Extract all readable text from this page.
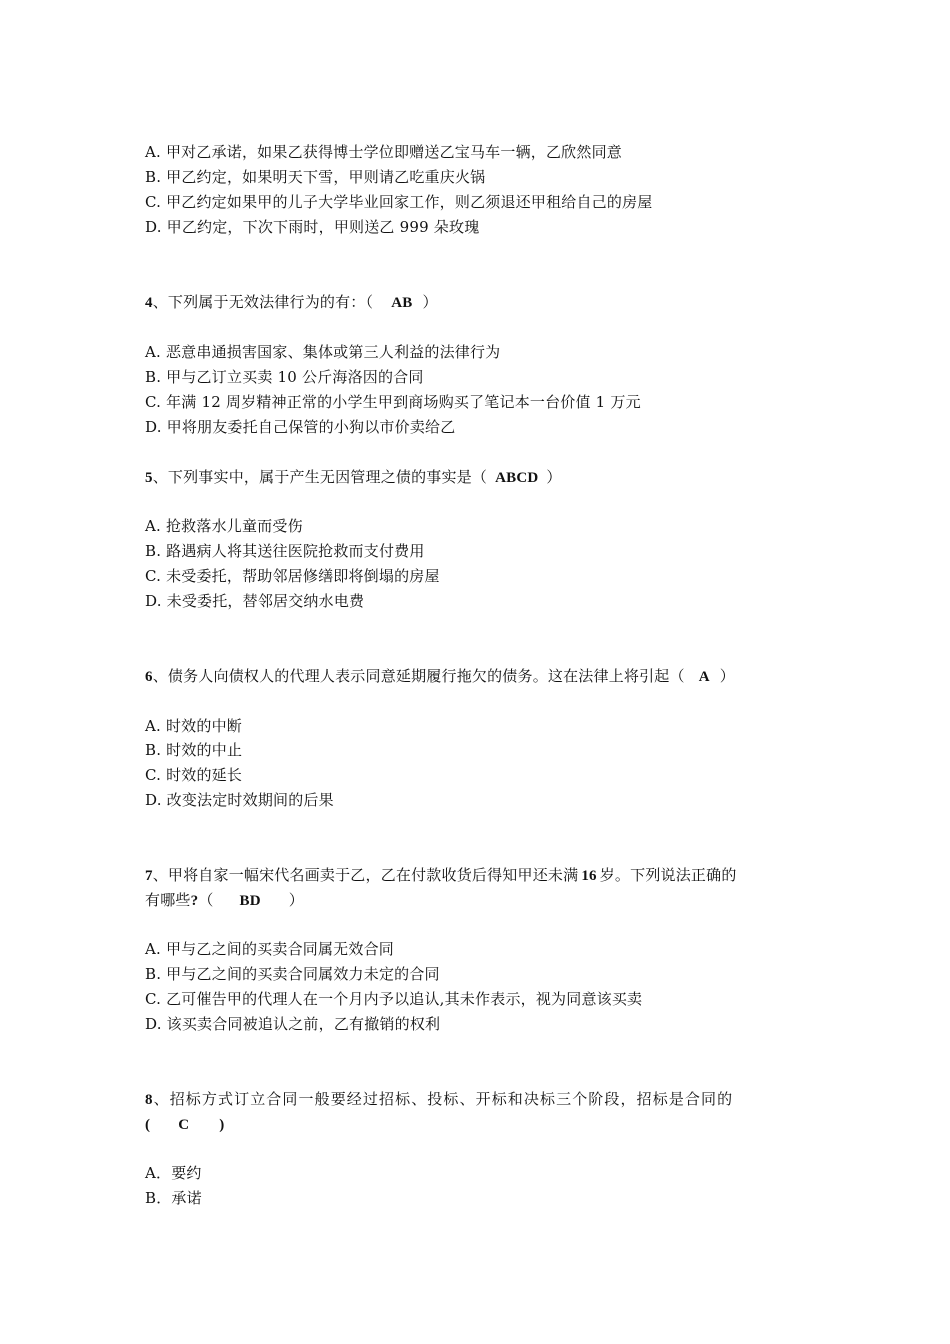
A. 甲对乙承诺，如果乙获得博士学位即赠送乙宝马车一辆，乙欣然同意
B. 甲乙约定，如果明天下雪，甲则请乙吃重庆火锅
C. 甲乙约定如果甲的儿子大学毕业回家工作，则乙须退还甲租给自己的房屋
D. 甲乙约定，下次下雨时，甲则送乙 999 朵玫瑰
4、下列属于无效法律行为的有：（ AB ）
A. 恶意串通损害国家、集体或第三人利益的法律行为
B. 甲与乙订立买卖 10 公斤海洛因的合同
C. 年满 12 周岁精神正常的小学生甲到商场购买了笔记本一台价值 1 万元
D. 甲将朋友委托自己保管的小狗以市价卖给乙
5、下列事实中，属于产生无因管理之债的事实是（ ABCD ）
A. 抢救落水儿童而受伤
B. 路遇病人将其送往医院抢救而支付费用
C. 未受委托，帮助邻居修缮即将倒塌的房屋
D. 未受委托，替邻居交纳水电费
6、债务人向债权人的代理人表示同意延期履行拖欠的债务。这在法律上将引起（ A ）
A. 时效的中断
B. 时效的中止
C. 时效的延长
D. 改变法定时效期间的后果
7、甲将自家一幅宋代名画卖于乙，乙在付款收货后得知甲还未满 16 岁。下列说法正确的
有哪些?（ BD ）
A. 甲与乙之间的买卖合同属无效合同
B. 甲与乙之间的买卖合同属效力未定的合同
C. 乙可催告甲的代理人在一个月内予以追认,其未作表示，视为同意该买卖
D. 该买卖合同被追认之前，乙有撤销的权利
8、招标方式订立合同一般要经过招标、投标、开标和决标三个阶段，招标是合同的
( C )
A．要约
B．承诺
